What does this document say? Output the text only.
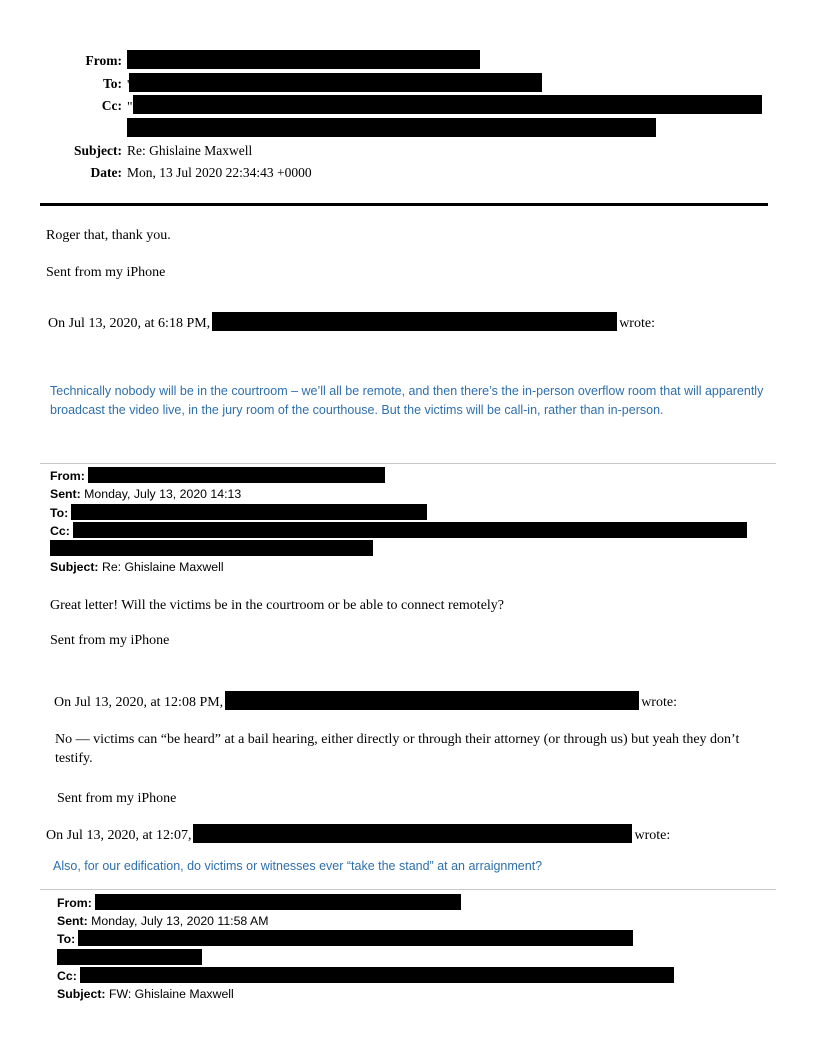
From:
To: '
Cc: "

Subject: Re: Ghislaine Maxwell
Date: Mon, 13 Jul 2020 22:34:43 +0000

Roger that, thank you.

Sent from my iPhone

On Jul 13, 2020, at 6:18 PM,	wrote:

Technically nobody will be in the courtroom – we’ll all be remote, and then there’s the in-person overflow room that will apparently broadcast the video live, in the jury room of the courthouse. But the victims will be call-in, rather than in-person.

From:
Sent: Monday, July 13, 2020 14:13
To:
Cc:

Subject: Re: Ghislaine Maxwell

Great letter! Will the victims be in the courtroom or be able to connect remotely?

Sent from my iPhone

On Jul 13, 2020, at 12:08 PM,	wrote:

No — victims can “be heard” at a bail hearing, either directly or through their attorney (or through us) but yeah they don’t testify.

Sent from my iPhone

On Jul 13, 2020, at 12:07,	wrote:

Also, for our edification, do victims or witnesses ever “take the stand” at an arraignment?

From:
Sent: Monday, July 13, 2020 11:58 AM
To:

Cc:
Subject: FW: Ghislaine Maxwell
